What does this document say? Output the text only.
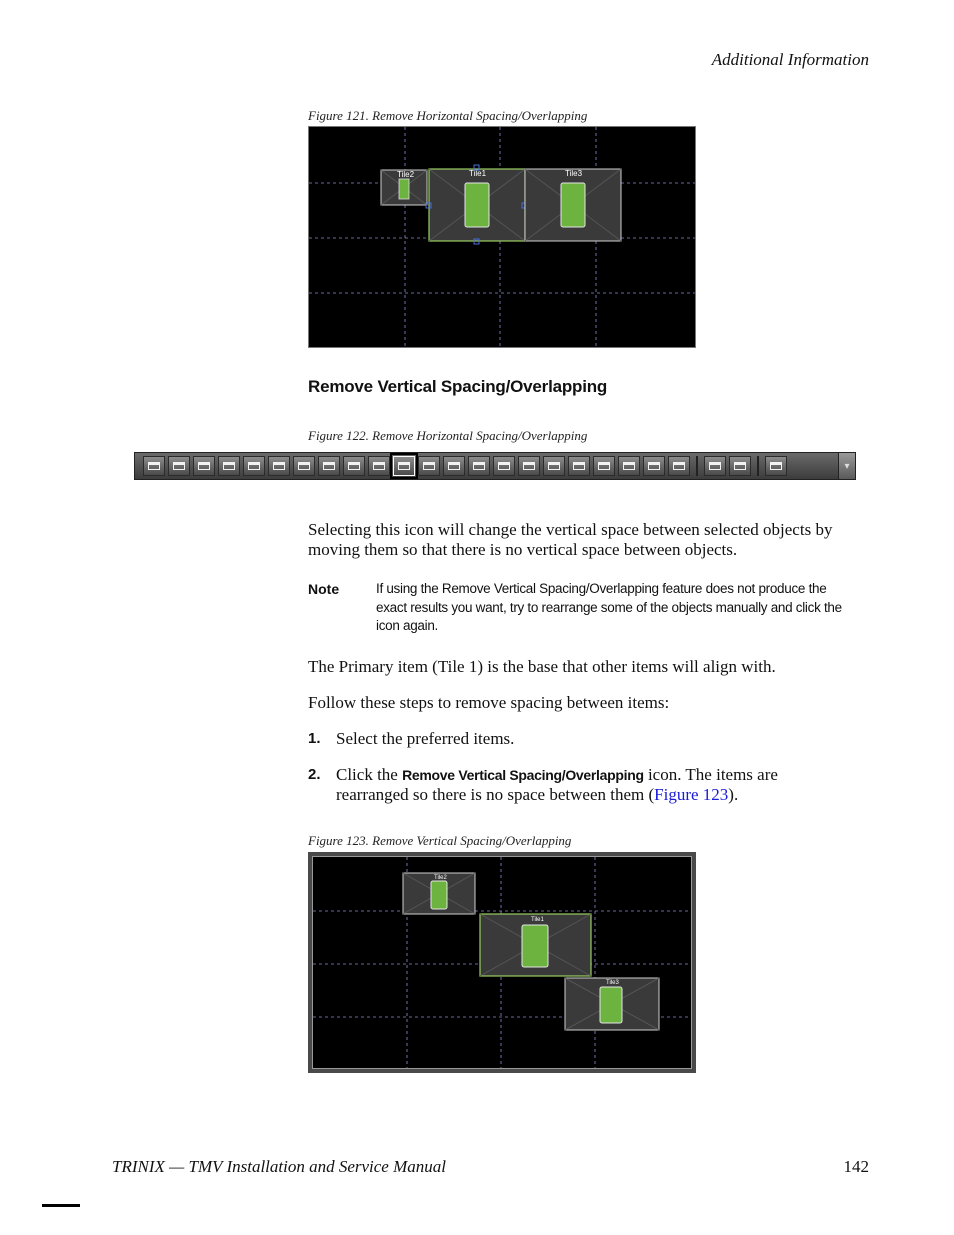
Additional Information
Figure 121. Remove Horizontal Spacing/Overlapping
Tile2	Tile1	Tile3
Remove Vertical Spacing/Overlapping
Figure 122. Remove Horizontal Spacing/Overlapping
▾
Selecting this icon will change the vertical space between selected objects by moving them so that there is no vertical space between objects.
Note	If using the Remove Vertical Spacing/Overlapping feature does not produce the exact results you want, try to rearrange some of the objects manually and click the icon again.
The Primary item (Tile 1) is the base that other items will align with.
Follow these steps to remove spacing between items:
1. Select the preferred items.
2. Click the Remove Vertical Spacing/Overlapping icon. The items are rearranged so there is no space between them (Figure 123).
Figure 123. Remove Vertical Spacing/Overlapping
Tile2
Tile1
Tile3
TRINIX — TMV Installation and Service Manual	142
